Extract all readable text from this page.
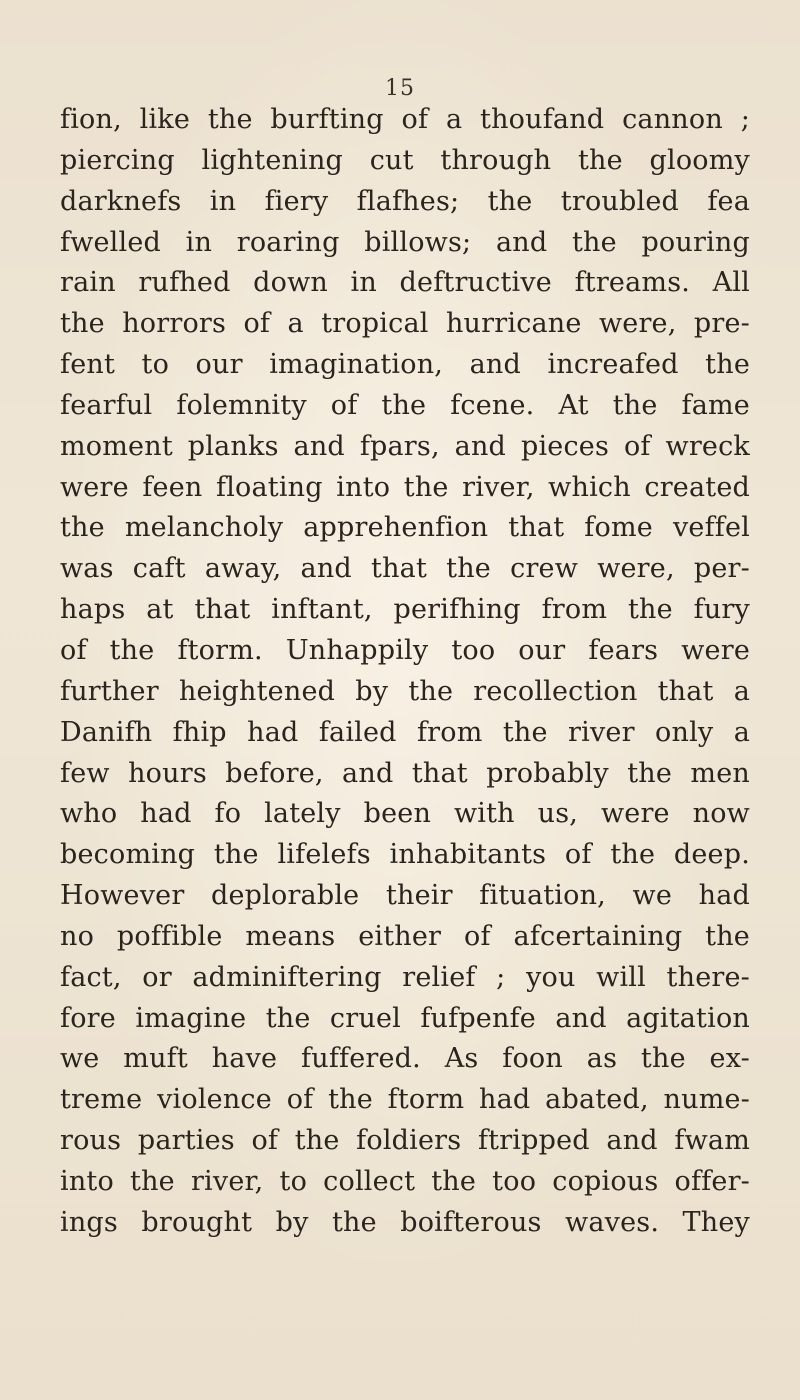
15
fion, like the burfting of a thoufand cannon ;
piercing lightening cut through the gloomy
darknefs in fiery flafhes; the troubled fea
fwelled in roaring billows; and the pouring
rain rufhed down in deftructive ftreams. All
the horrors of a tropical hurricane were, pre-
fent to our imagination, and increafed the
fearful folemnity of the fcene. At the fame
moment planks and fpars, and pieces of wreck
were feen floating into the river, which created
the melancholy apprehenfion that fome veffel
was caft away, and that the crew were, per-
haps at that inftant, perifhing from the fury
of the ftorm. Unhappily too our fears were
further heightened by the recollection that a
Danifh fhip had failed from the river only a
few hours before, and that probably the men
who had fo lately been with us, were now
becoming the lifelefs inhabitants of the deep.
However deplorable their fituation, we had
no poffible means either of afcertaining the
fact, or adminiftering relief ; you will there-
fore imagine the cruel fufpenfe and agitation
we muft have fuffered. As foon as the ex-
treme violence of the ftorm had abated, nume-
rous parties of the foldiers ftripped and fwam
into the river, to collect the too copious offer-
ings brought by the boifterous waves. They
